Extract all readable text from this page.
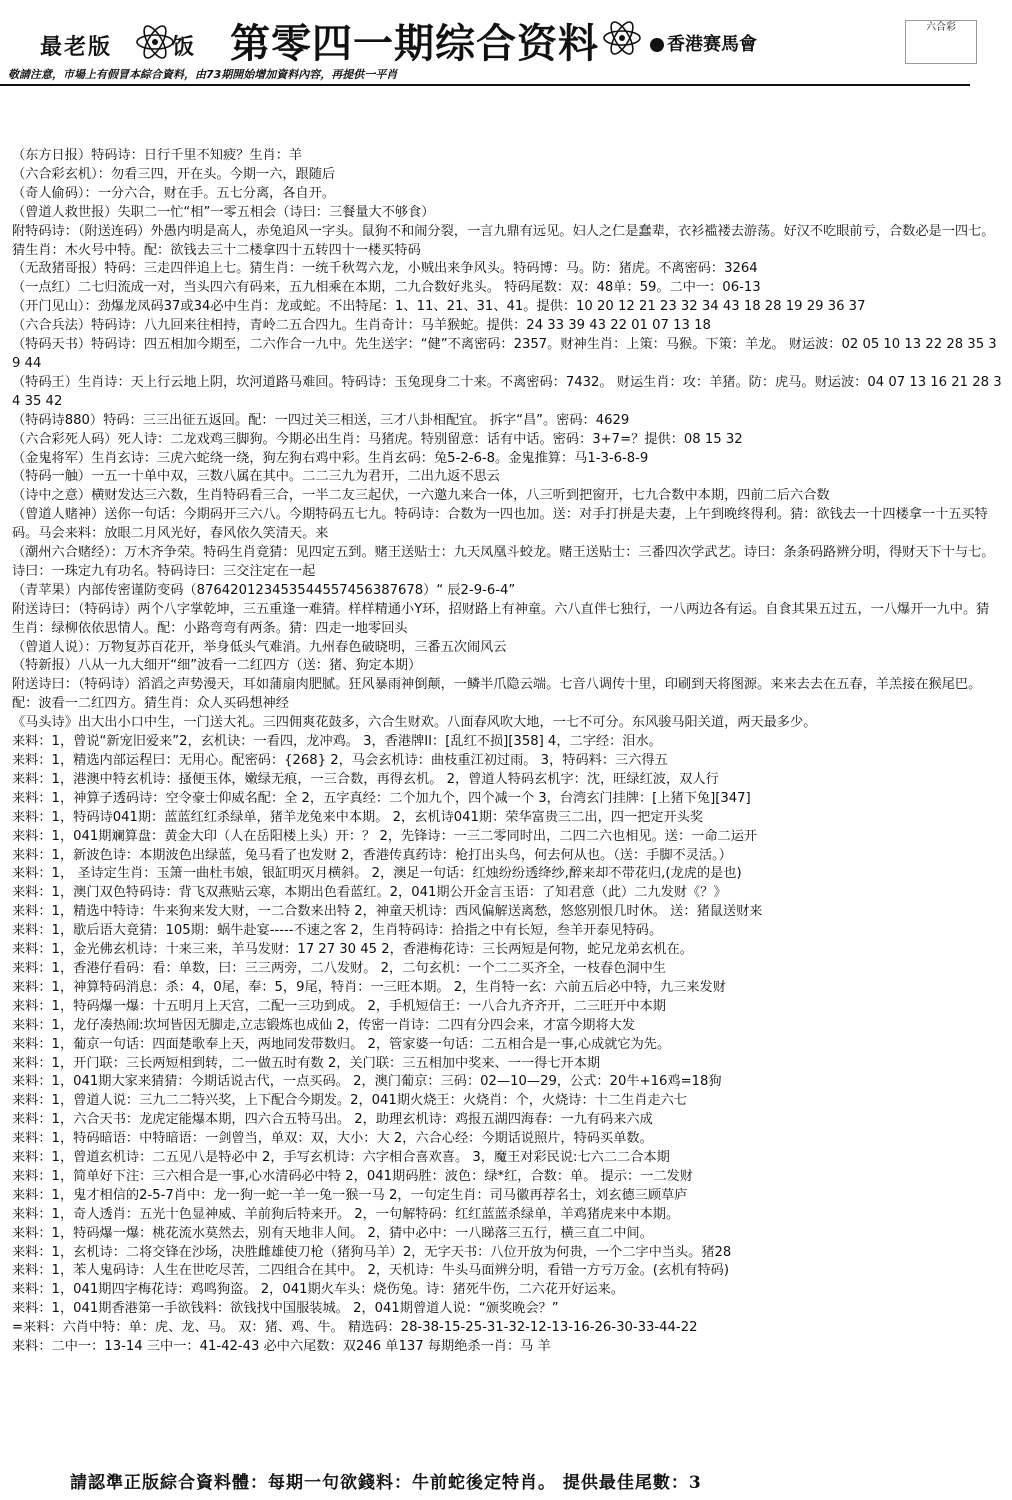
最老版	饭 第零四一期综合资料	香港赛馬會
六合彩
敬請注意，市場上有假冒本綜合資料，由73期開始增加資料內容，再提供一平肖

（东方日报）特码诗：日行千里不知疲？生肖：羊

（六合彩玄机）：勿看三四，开在头。今期一六，跟随后

（奇人偷码）：一分六合，财在手。五七分离，各自开。

（曾道人救世报）失职二一忙“相”一零五相会（诗曰：三餐量大不够食）

附特码诗：（附送连码）外愚内明是高人，赤兔追风一字头。鼠狗不和闹分裂，一言九鼎有远见。妇人之仁是蠢辈，衣衫褴褛去游荡。好汉不吃眼前亏，合数必是一四七。猜生肖：木火号中特。配：欲钱去三十二楼拿四十五转四十一楼买特码

（无敌猪哥报）特码：三走四伴追上七。猜生肖：一统千秋驾六龙，小贼出来争风头。特码博：马。防：猪虎。不离密码：3264

（一点红）二七归流成一对，当头四六有码来，五九相乘在本期，二九合数好兆头。 特码尾数：双：48单：59。二中一：06-13

（开门见山）：劲爆龙凤码37或34必中生肖：龙或蛇。不出特尾：1、11、21、31、41。提供：10 20 12 21 23 32 34 43 18 28 19 29 36 37

（六合兵法）特码诗：八九回来往相持，青岭二五合四九。生肖奇计：马羊猴蛇。提供：24 33 39 43 22 01 07 13 18

（特码天书）特码诗：四五相加今期至，二六作合一九中。先生送字：“健”不离密码：2357。财神生肖：上策：马猴。下策：羊龙。 财运波：02 05 10 13 22 28 35 39 44

（特码王）生肖诗：天上行云地上阴，坎河道路马难回。特码诗：玉兔现身二十来。不离密码：7432。 财运生肖：攻：羊猪。防：虎马。财运波：04 07 13 16 21 28 34 35 42

（特码诗880）特码：三三出征五返回。配：一四过关三相送，三才八卦相配宜。 拆字“昌”。密码：4629

（六合彩死人码）死人诗：二龙戏鸡三脚狗。今期必出生肖：马猪虎。特别留意：话有中话。密码：3+7=？提供：08 15 32

（金鬼将军）生肖玄诗：三虎六蛇绕一绕，狗左狗右鸡中彩。生肖玄码：兔5-2-6-8。金鬼推算：马1-3-6-8-9

（特码一触）一五一十单中双，三数八属在其中。二二三九为君开，二出九返不思云

（诗中之意）横财发达三六数，生肖特码看三合，一半二友三起伏，一六邀九来合一体，八三听到把窗开，七九合数中本期，四前二后六合数

（曾道人赌神）送你一句话：今期码开三六八。今期特码五七九。特码诗：合数为一四也加。送：对手打拼是夫妻，上午到晚终得利。猜：欲钱去一十四楼拿一十五买特码。马会来料：放眼二月风光好，春风依久笑清天。来

（潮州六合赌经）：万木齐争荣。特码生肖竟猜：见四定五到。赌王送贴士：九天凤凰斗蛟龙。赌王送贴士：三番四次学武艺。诗曰：条条码路辨分明，得财天下十与七。 诗曰：一珠定九有功名。特码诗曰：三交注定在一起

（青苹果）内部传密谨防变码（876420123453544557456387678）“ 辰2-9-6-4”

附送诗曰：（特码诗）两个八字掌乾坤，三五重逢一难猜。样样精通小Y环，招财路上有神童。六八直伴七独行，一八两边各有运。自食其果五过五，一八爆开一九中。猜生肖：绿柳依依思情人。配：小路弯弯有两条。猜：四走一地零回头

（曾道人说）：万物复苏百花开，举身低头气难消。九州春色破晓明，三番五次闹风云

（特新报）八从一九大细开“细”波看一二红四方（送：猪、狗定本期）

附送诗曰：（特码诗）滔滔之声势漫天，耳如蒲扇肉肥腻。狂风暴雨神倒颠，一鳞半爪隐云端。七音八调传十里，印刷到天将图源。来来去去在五春，羊羔接在猴尾巴。 配：波看一二红四方。猜生肖：众人买码想神经

《马头诗》出大出小口中生，一门送大礼。三四佣爽花鼓多，六合生财欢。八面春风吹大地，一七不可分。东风骏马阳关道，两天最多少。

来料：1，曾说“新宠旧爱来”2，玄机诀：一看四，龙冲鸡。 3，香港牌II：[乱红不损][358] 4，二字经：泪水。

来料：1，精选内部运程曰：无用心。配密码：{268} 2，马会玄机诗：曲枝重江初过雨。 3，特码料：三六得五

来料：1，港澳中特玄机诗：搔便玉体，嫩绿无痕，一三合数，再得玄机。 2，曾道人特码玄机字：沈，旺绿红波，双人行

来料：1，神算子透码诗：空令豪士仰威名配：全 2，五字真经：二个加九个，四个减一个 3，台湾玄门挂牌：[上猪下兔][347]

来料：1，特码诗041期：蓝蓝红红杀绿单，猪羊龙兔来中本期。 2，玄机诗041期：荣华富贵三二出，四一把定开头奖

来料：1，041期斓算盘：黄金大印（人在岳阳楼上头）开：？ 2，先锋诗：一三二零同时出，二四二六也相见。送：一命二运开

来料：1，新波色诗：本期波色出绿蓝，兔马看了也发财 2，香港传真药诗：枪打出头鸟，何去何从也。（送：手脚不灵活。）

来料：1， 圣诗定生肖：玉箫一曲杜韦娘，银缸明灭月横斜。 2，澳足一句话：红烛纷纷透绛纱,醉来却不带花归,(龙虎的是也)

来料：1，澳门双色特码诗：背飞双燕贴云寒，本期出色看蓝红。2，041期公开金言玉语：了知君意（此）二九发财《？》

来料：1，精选中特诗：牛来狗来发大财，一二合数来出特 2，神童天机诗：西风偏解送离愁，悠悠别恨几时休。 送：猪鼠送财来

来料：1，歇后语大竟猜：105期：蜗牛赴宴-----不速之客 2，生肖特码诗：拾指之中有长短，叁羊开泰见特码。

来料：1，金光佛玄机诗：十来三来，羊马发财：17 27 30 45 2，香港梅花诗：三长两短是何物，蛇兄龙弟玄机在。

来料：1，香港仔看码：看：单数，曰：三三两旁，二八发财。 2，二句玄机：一个二二买齐全，一枝春色洞中生

来料：1，神算特码消息：杀：4，0尾，奉：5，9尾，特肖：一三旺本期。 2，生肖特一玄：六前五后必中特，九三来发财

来料：1，特码爆一爆：十五明月上天宫，二配一三功到成。 2，手机短信王：一八合九齐齐开，二三旺开中本期

来料：1，龙仔凑热闹:坎坷皆因无脚走,立志锻炼也成仙 2，传密一肖诗：二四有分四会来，才富今期将大发

来料：1，葡京一句话：四面楚歌奉上天，两地同发带数归。 2，管家婆一句话：二五相合是一事,心成就它为先。

来料：1，开门联：三长两短相到转，二一做五时有数 2，关门联：三五相加中奖来、一一得七开本期

来料：1，041期大家来猜猜：今期话说古代，一点买码。 2，澳门葡京：三码：02—10—29，公式：20牛+16鸡=18狗

来料：1，曾道人说：三九二二特兴奖，上下配合今期发。2，041期火烧王：火烧肖：个，火烧诗：十二生肖走六七

来料：1，六合天书：龙虎定能爆本期，四六合五特马出。 2，助理玄机诗：鸡报五湖四海春：一九有码来六成

来料：1，特码暗语：中特暗语：一剑曾当，单双：双，大小：大 2，六合心经：今期话说照片，特码买单数。

来料：1，曾道玄机诗：二五见八是特必中 2，手写玄机诗：六字相合喜欢喜。 3，魔王对彩民说:七六二二合本期

来料：1，简单好下注：三六相合是一事,心水清码必中特 2，041期码胜：波色：绿*红，合数：单。 提示：一二发财

来料：1，鬼才相信的2-5-7肖中：龙一狗一蛇一羊一兔一猴一马 2，一句定生肖：司马徽再荐名士，刘玄德三顾草庐

来料：1，奇人透肖：五光十色显神威、羊前狗后特来开。 2，一句解特码：红红蓝蓝杀绿单，羊鸡猪虎来中本期。

来料：1，特码爆一爆：桃花流水莫然去，别有天地非人间。 2，猜中必中：一八睇落三五行，横三直二中间。

来料：1，玄机诗：二将交锋在沙场，决胜雌雄使刀枪（猪狗马羊）2，无字天书：八位开放为何贵，一个二字中当头。猪28

来料：1，苯人鬼码诗：人生在世吃尽苦，二四组合在其中。 2，天机诗：牛头马面辨分明，看错一方亏万金。(玄机有特码)

来料：1，041期四字梅花诗：鸡鸣狗盗。 2，041期火车头：烧伤兔。诗：猪死牛伤，二六花开好运来。

来料：1，041期香港第一手欲钱料：欲钱找中国服装城。 2，041期曾道人说：“颁奖晚会？”

=来料：六肖中特：单：虎、龙、马。 双：猪、鸡、牛。 精选码：28-38-15-25-31-32-12-13-16-26-30-33-44-22

来料：二中一：13-14 三中一：41-42-43 必中六尾数：双246 单137 每期绝杀一肖：马 羊

請認準正版綜合資料體：每期一句欲錢料：牛前蛇後定特肖。 提供最佳尾數：3
